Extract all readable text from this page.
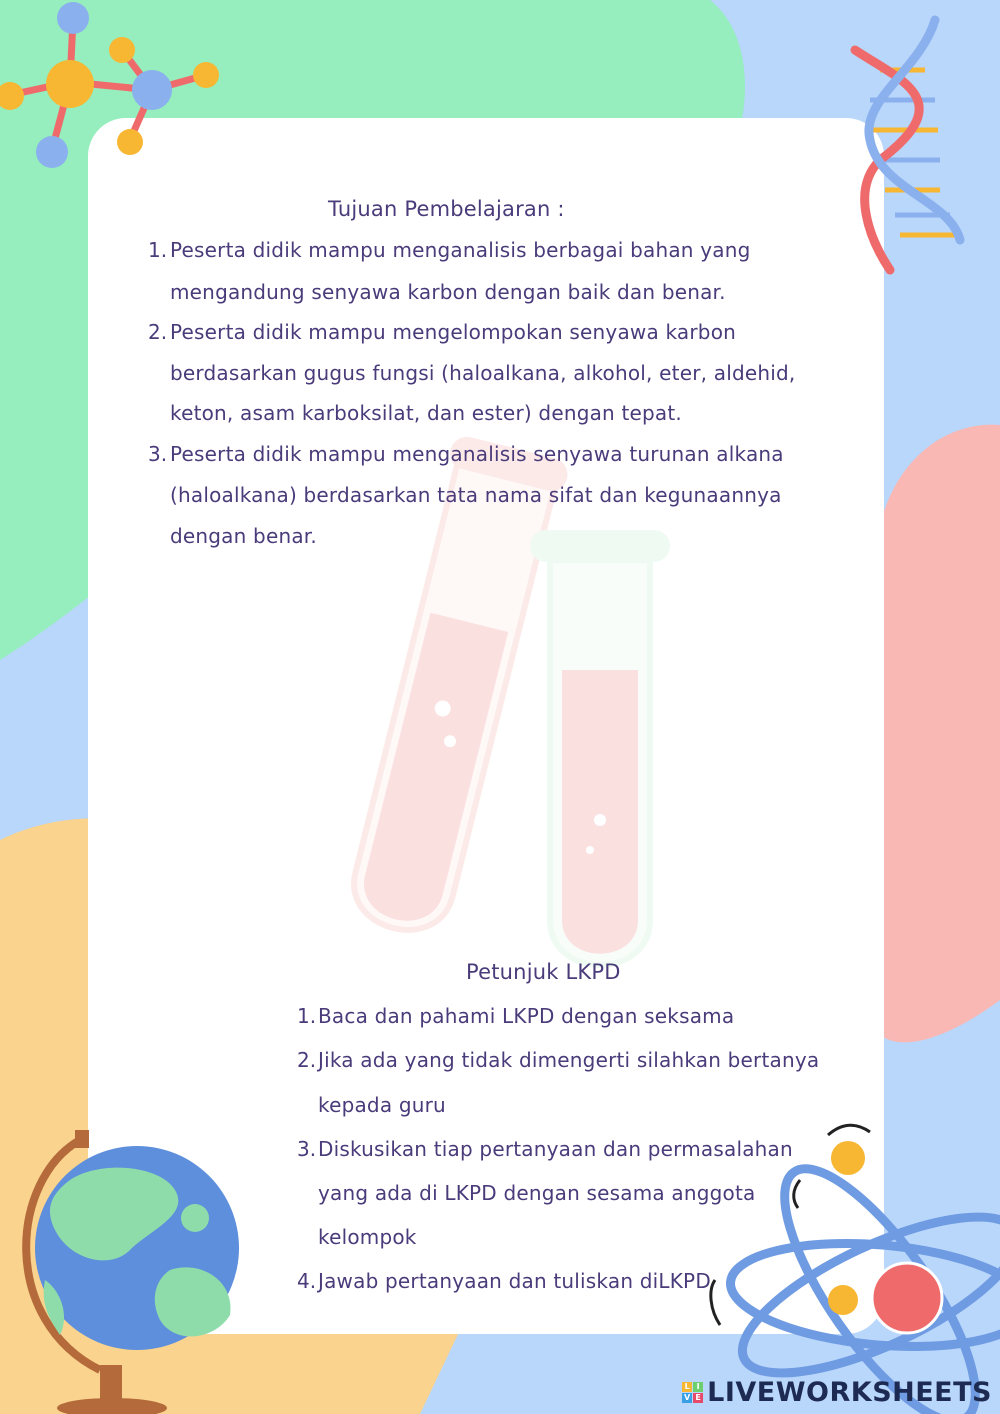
Tujuan Pembelajaran :
1. Peserta didik mampu menganalisis berbagai bahan yang
mengandung senyawa karbon dengan baik dan benar.
2. Peserta didik mampu mengelompokan senyawa karbon
berdasarkan gugus fungsi (haloalkana, alkohol, eter, aldehid,
keton, asam karboksilat, dan ester) dengan tepat.
3. Peserta didik mampu menganalisis senyawa turunan alkana
(haloalkana) berdasarkan tata nama sifat dan kegunaannya
dengan benar.
Petunjuk LKPD
1. Baca dan pahami LKPD dengan seksama
2. Jika ada yang tidak dimengerti silahkan bertanya
kepada guru
3. Diskusikan tiap pertanyaan dan permasalahan
yang ada di LKPD dengan sesama anggota
kelompok
4. Jawab pertanyaan dan tuliskan diLKPD
L I
V E LIVEWORKSHEETS
